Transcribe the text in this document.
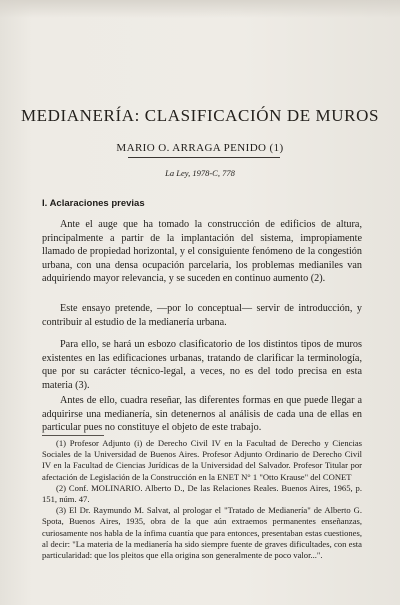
MEDIANERÍA: CLASIFICACIÓN DE MUROS
MARIO O. ARRAGA PENIDO (1)
La Ley, 1978-C, 778
I. Aclaraciones previas

Ante el auge que ha tomado la construcción de edificios de altura, principalmente a partir de la implantación del sistema, impropiamente llamado de propiedad horizontal, y el consiguiente fenómeno de la congestión urbana, con una densa ocupación parcelaria, los problemas medianiles van adquiriendo mayor relevancia, y se suceden en continuo aumento (2).

Este ensayo pretende, —por lo conceptual— servir de introducción, y contribuir al estudio de la medianería urbana.

Para ello, se hará un esbozo clasificatorio de los distintos tipos de muros existentes en las edificaciones urbanas, tratando de clarificar la terminología, que por su carácter técnico-legal, a veces, no es del todo precisa en esta materia (3).

Antes de ello, cuadra reseñar, las diferentes formas en que puede llegar a adquirirse una medianería, sin detenernos al análisis de cada una de ellas en particular pues no constituye el objeto de este trabajo.

(1) Profesor Adjunto (i) de Derecho Civil IV en la Facultad de Derecho y Ciencias Sociales de la Universidad de Buenos Aires. Profesor Adjunto Ordinario de Derecho Civil IV en la Facultad de Ciencias Jurídicas de la Universidad del Salvador. Profesor Titular por afectación de Legislación de la Construcción en la ENET N° 1 "Otto Krause" del CONET

(2) Conf. MOLINARIO. Alberto D., De las Relaciones Reales. Buenos Aires, 1965, p. 151, núm. 47.

(3) El Dr. Raymundo M. Salvat, al prologar el "Tratado de Medianería" de Alberto G. Spota, Buenos Aires, 1935, obra de la que aún extraemos permanentes enseñanzas, curiosamente nos habla de la ínfima cuantía que para entonces, presentaban estas cuestiones, al decir: "La materia de la medianería ha sido siempre fuente de graves dificultades, con esta particularidad: que los pleitos que ella origina son generalmente de poco valor...".
